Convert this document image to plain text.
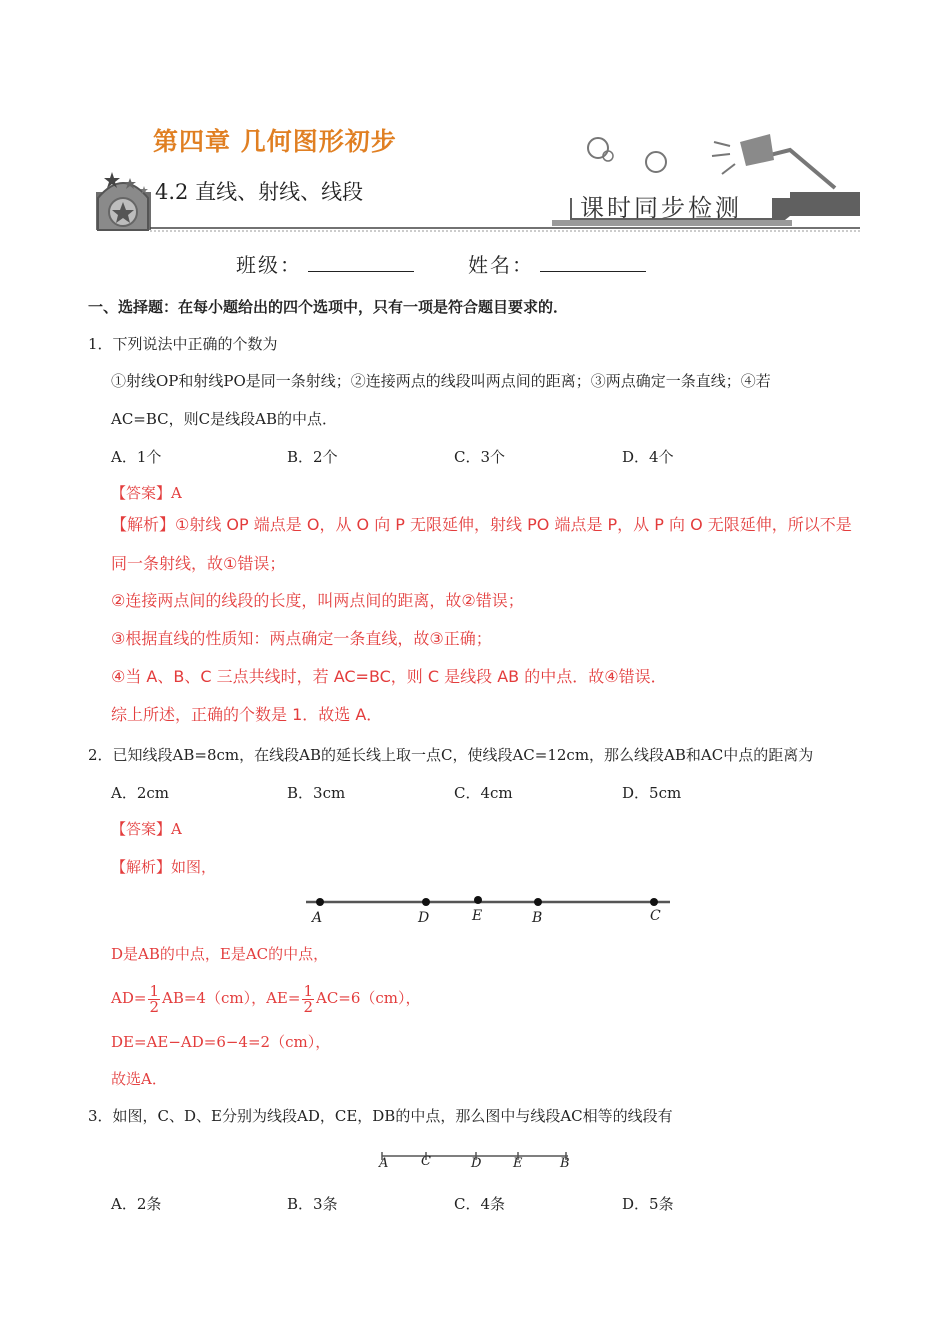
第四章 几何图形初步
4.2 直线、射线、线段
课时同步检测
班级：	姓名：
一、选择题：在每小题给出的四个选项中，只有一项是符合题目要求的．
1．下列说法中正确的个数为
①射线OP和射线PO是同一条射线；②连接两点的线段叫两点间的距离；③两点确定一条直线；④若
AC=BC，则C是线段AB的中点．
A．1个	B．2个	C．3个	D．4个
【答案】A
【解析】①射线 OP 端点是 O，从 O 向 P 无限延伸，射线 PO 端点是 P，从 P 向 O 无限延伸，所以不是
同一条射线，故①错误；
②连接两点间的线段的长度，叫两点间的距离，故②错误；
③根据直线的性质知：两点确定一条直线，故③正确；
④当 A、B、C 三点共线时，若 AC=BC，则 C 是线段 AB 的中点．故④错误．
综上所述，正确的个数是 1．故选 A．
2．已知线段AB=8cm，在线段AB的延长线上取一点C，使线段AC=12cm，那么线段AB和AC中点的距离为
A．2cm	B．3cm	C．4cm	D．5cm
【答案】A
【解析】如图，
A	D	E	B	C
D是AB的中点，E是AC的中点，
$AD= \frac{1}{2} AB=4(cm)$，$AE= \frac{1}{2} AC=6(cm)$，
DE=AE−AD=6−4=2（cm），
故选A．
3．如图，C、D、E分别为线段AD，CE，DB的中点，那么图中与线段AC相等的线段有
A	C	D E	B
A．2条	B．3条	C．4条	D．5条
